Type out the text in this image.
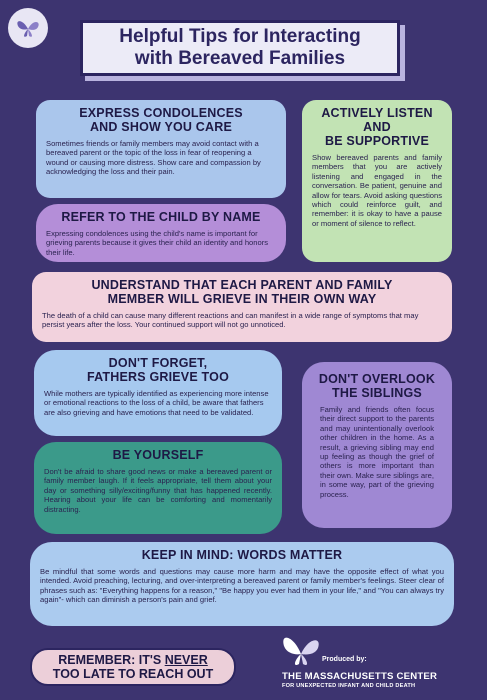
Helpful Tips for Interacting
with Bereaved Families
EXPRESS CONDOLENCES
AND SHOW YOU CARE

Sometimes friends or family members may avoid contact with a bereaved parent or the topic of the loss in fear of reopening a wound or causing more distress. Show care and compassion by acknowledging the loss and their pain.

ACTIVELY LISTEN
AND
BE SUPPORTIVE

Show bereaved parents and family members that you are actively listening and engaged in the conversation. Be patient, genuine and allow for tears. Avoid asking questions which could reinforce guilt, and remember: it is okay to have a pause or moment of silence to reflect.

REFER TO THE CHILD BY NAME

Expressing condolences using the child's name is important for grieving parents because it gives their child an identity and honors their life.

UNDERSTAND THAT EACH PARENT AND FAMILY
MEMBER WILL GRIEVE IN THEIR OWN WAY

The death of a child can cause many different reactions and can manifest in a wide range of symptoms that may persist years after the loss. Your continued support will not go unnoticed.

DON'T FORGET,
FATHERS GRIEVE TOO

While mothers are typically identified as experiencing more intense or emotional reactions to the loss of a child, be aware that fathers are also grieving and have emotions that need to be validated.

DON'T OVERLOOK
THE SIBLINGS

Family and friends often focus their direct support to the parents and may unintentionally overlook other children in the home. As a result, a grieving sibling may end up feeling as though the grief of others is more important than their own. Make sure siblings are, in some way, part of the grieving process.

BE YOURSELF

Don't be afraid to share good news or make a bereaved parent or family member laugh. If it feels appropriate, tell them about your day or something silly/exciting/funny that has happened recently. Hearing about your life can be comforting and momentarily distracting.

KEEP IN MIND: WORDS MATTER

Be mindful that some words and questions may cause more harm and may have the opposite effect of what you intended. Avoid preaching, lecturing, and over-interpreting a bereaved parent or family member's feelings. Steer clear of phrases such as: "Everything happens for a reason," "Be happy you ever had them in your life," and "You can always try again"- which can diminish a person's pain and grief.

REMEMBER: IT'S NEVER
TOO LATE TO REACH OUT
Produced by:
THE MASSACHUSETTS CENTER
FOR UNEXPECTED INFANT AND CHILD DEATH
